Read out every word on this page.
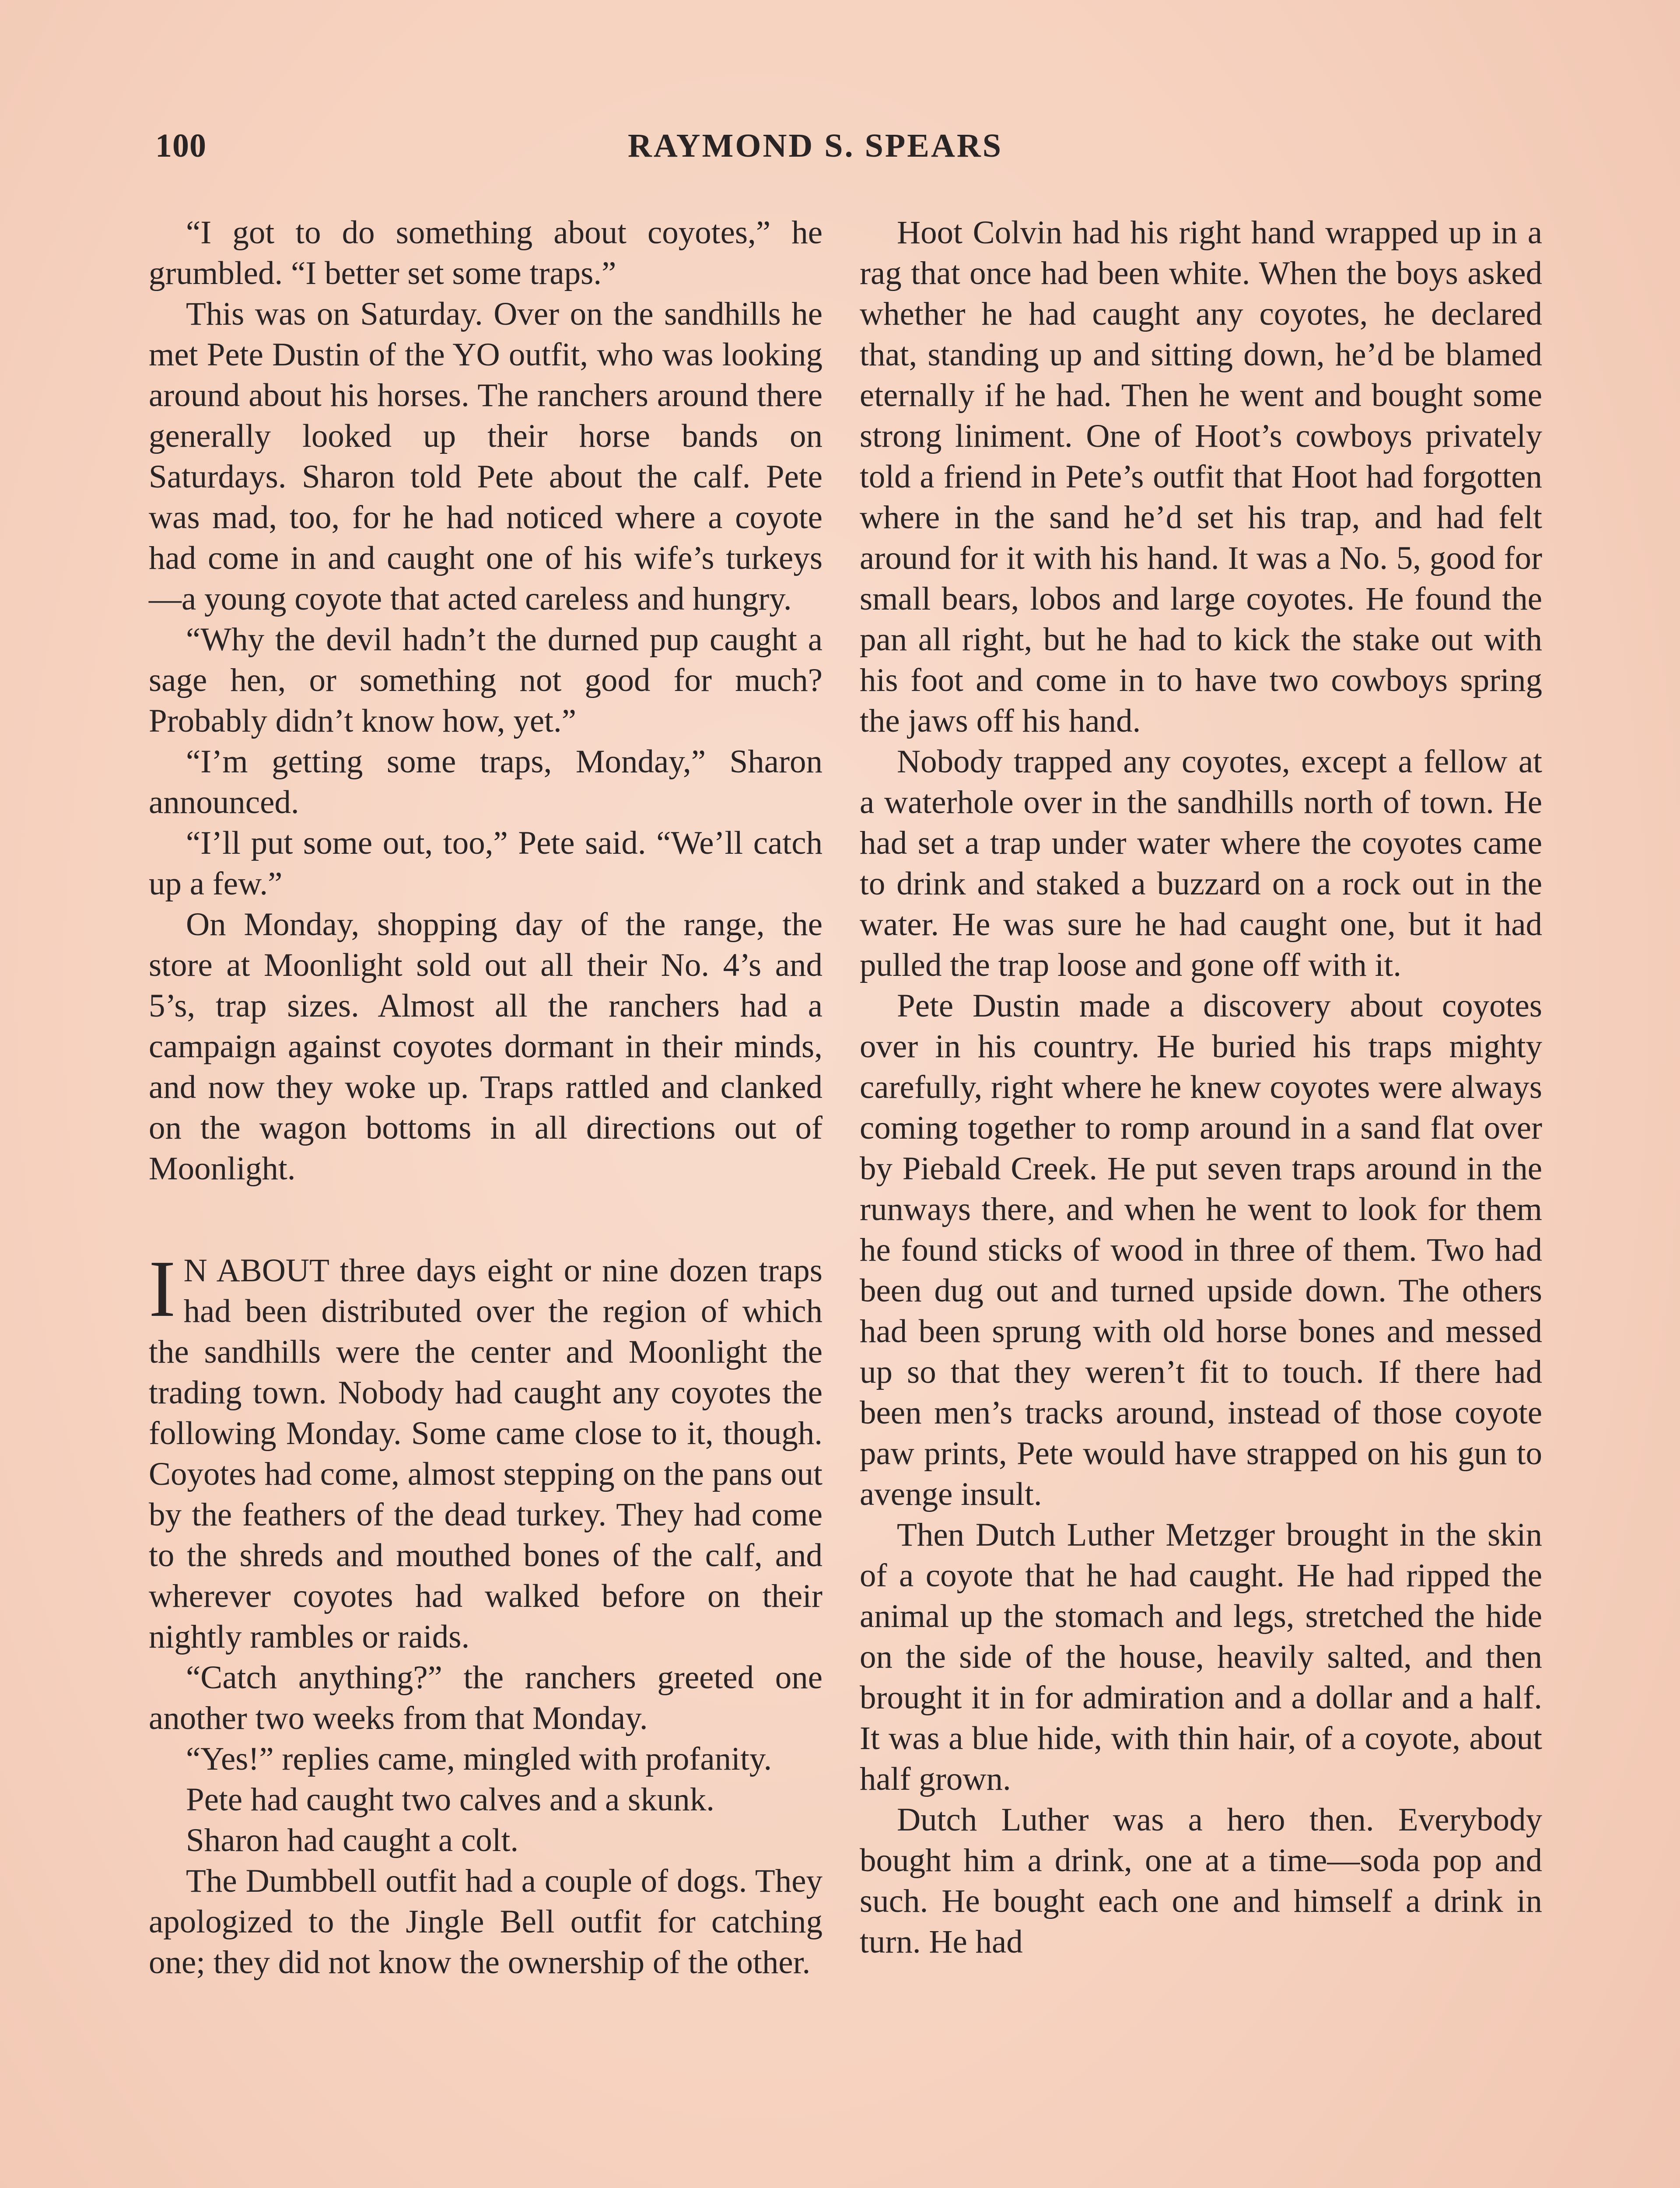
100	RAYMOND S. SPEARS

“I got to do something about coyotes,” he grumbled. “I better set some traps.”

This was on Saturday. Over on the sandhills he met Pete Dustin of the YO outfit, who was looking around about his horses. The ranchers around there generally looked up their horse bands on Saturdays. Sharon told Pete about the calf. Pete was mad, too, for he had noticed where a coyote had come in and caught one of his wife’s turkeys—a young coyote that acted careless and hungry.

“Why the devil hadn’t the durned pup caught a sage hen, or something not good for much? Probably didn’t know how, yet.”

“I’m getting some traps, Monday,” Sharon announced.

“I’ll put some out, too,” Pete said. “We’ll catch up a few.”

On Monday, shopping day of the range, the store at Moonlight sold out all their No. 4’s and 5’s, trap sizes. Almost all the ranchers had a campaign against coyotes dormant in their minds, and now they woke up. Traps rattled and clanked on the wagon bottoms in all directions out of Moonlight.

I N ABOUT three days eight or nine dozen traps had been distributed over the region of which the sandhills were the center and Moonlight the trading town. Nobody had caught any coyotes the following Monday. Some came close to it, though. Coyotes had come, almost stepping on the pans out by the feathers of the dead turkey. They had come to the shreds and mouthed bones of the calf, and wherever coyotes had walked before on their nightly rambles or raids.

“Catch anything?” the ranchers greeted one another two weeks from that Monday.

“Yes!” replies came, mingled with profanity.

Pete had caught two calves and a skunk.

Sharon had caught a colt.

The Dumbbell outfit had a couple of dogs. They apologized to the Jingle Bell outfit for catching one; they did not know the ownership of the other.

Hoot Colvin had his right hand wrapped up in a rag that once had been white. When the boys asked whether he had caught any coyotes, he declared that, standing up and sitting down, he’d be blamed eternally if he had. Then he went and bought some strong liniment. One of Hoot’s cowboys privately told a friend in Pete’s outfit that Hoot had forgotten where in the sand he’d set his trap, and had felt around for it with his hand. It was a No. 5, good for small bears, lobos and large coyotes. He found the pan all right, but he had to kick the stake out with his foot and come in to have two cowboys spring the jaws off his hand.

Nobody trapped any coyotes, except a fellow at a waterhole over in the sandhills north of town. He had set a trap under water where the coyotes came to drink and staked a buzzard on a rock out in the water. He was sure he had caught one, but it had pulled the trap loose and gone off with it.

Pete Dustin made a discovery about coyotes over in his country. He buried his traps mighty carefully, right where he knew coyotes were always coming together to romp around in a sand flat over by Piebald Creek. He put seven traps around in the runways there, and when he went to look for them he found sticks of wood in three of them. Two had been dug out and turned upside down. The others had been sprung with old horse bones and messed up so that they weren’t fit to touch. If there had been men’s tracks around, instead of those coyote paw prints, Pete would have strapped on his gun to avenge insult.

Then Dutch Luther Metzger brought in the skin of a coyote that he had caught. He had ripped the animal up the stomach and legs, stretched the hide on the side of the house, heavily salted, and then brought it in for admiration and a dollar and a half. It was a blue hide, with thin hair, of a coyote, about half grown.

Dutch Luther was a hero then. Everybody bought him a drink, one at a time—soda pop and such. He bought each one and himself a drink in turn. He had
